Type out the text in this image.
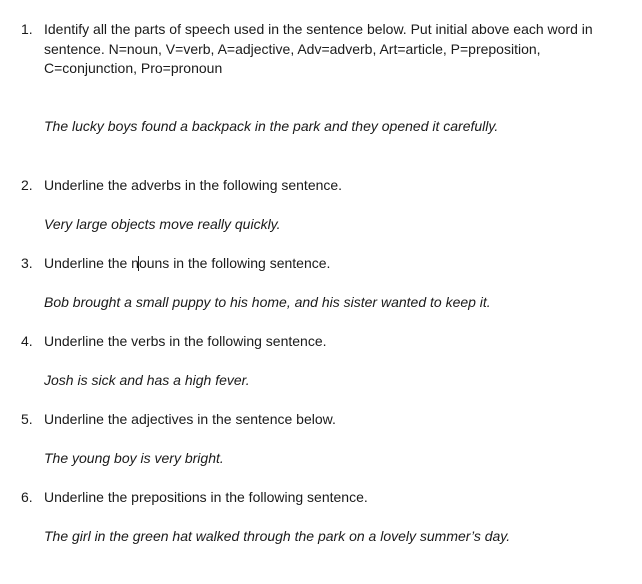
1. Identify all the parts of speech used in the sentence below. Put initial above each word in sentence. N=noun, V=verb, A=adjective, Adv=adverb, Art=article, P=preposition, C=conjunction, Pro=pronoun
The lucky boys found a backpack in the park and they opened it carefully.
2. Underline the adverbs in the following sentence.
Very large objects move really quickly.
3. Underline the nouns in the following sentence.
Bob brought a small puppy to his home, and his sister wanted to keep it.
4. Underline the verbs in the following sentence.
Josh is sick and has a high fever.
5. Underline the adjectives in the sentence below.
The young boy is very bright.
6. Underline the prepositions in the following sentence.
The girl in the green hat walked through the park on a lovely summer’s day.
